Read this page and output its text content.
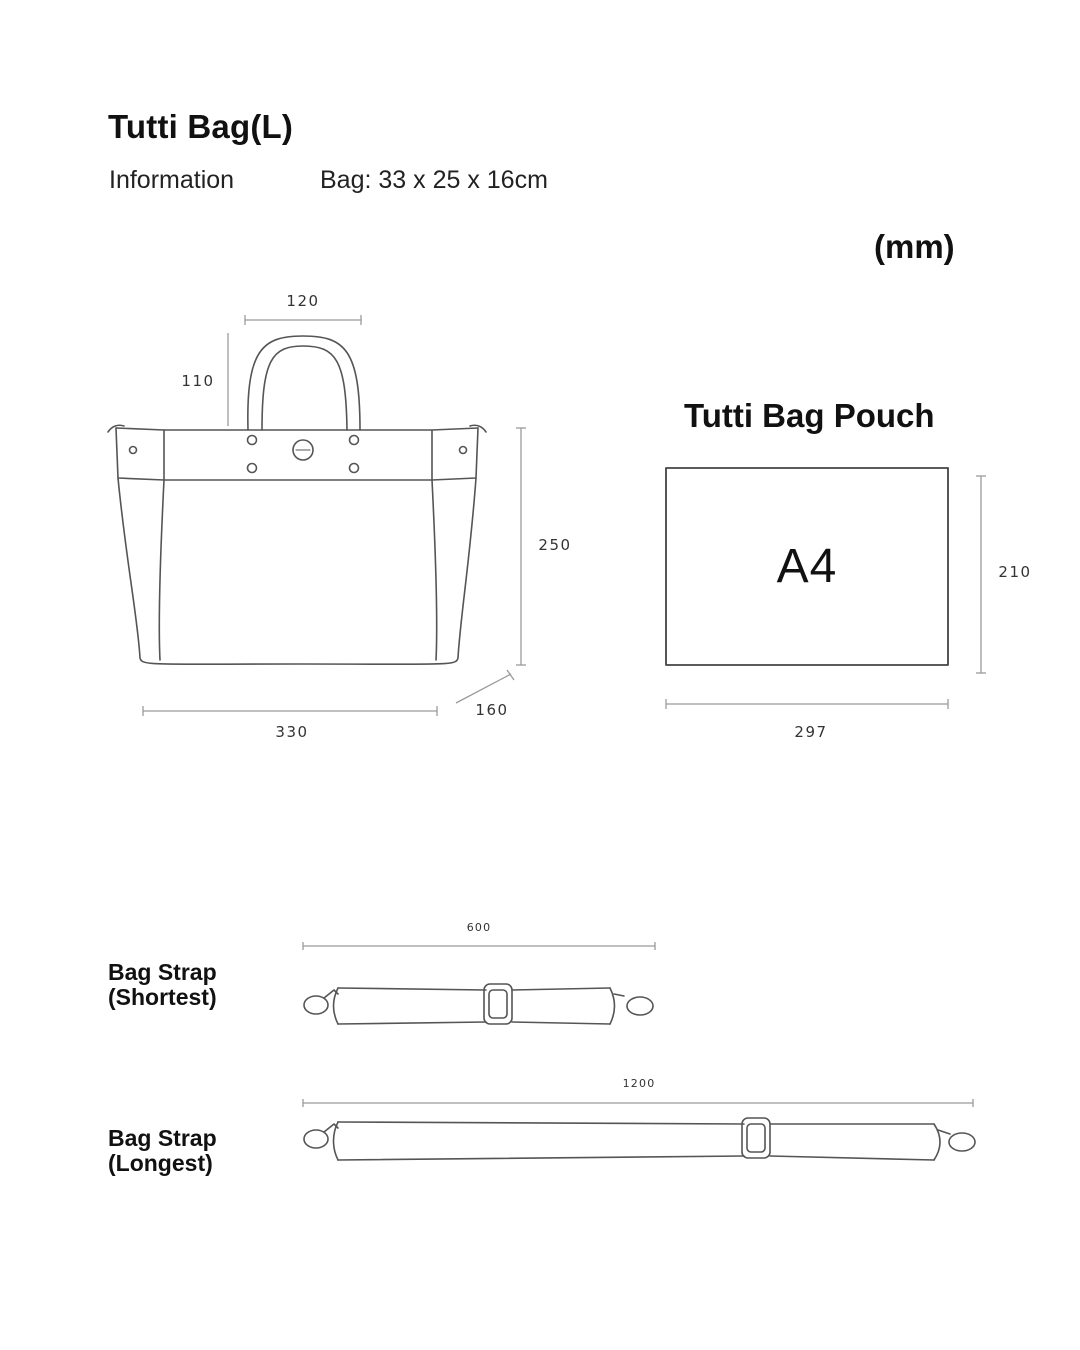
Tutti Bag(L)
Information	Bag: 33 x 25 x 16cm
(mm)
120
110
250
160
330
Tutti Bag Pouch
A4	210
297
Bag Strap
(Shortest)
600
Bag Strap
(Longest)
1200
